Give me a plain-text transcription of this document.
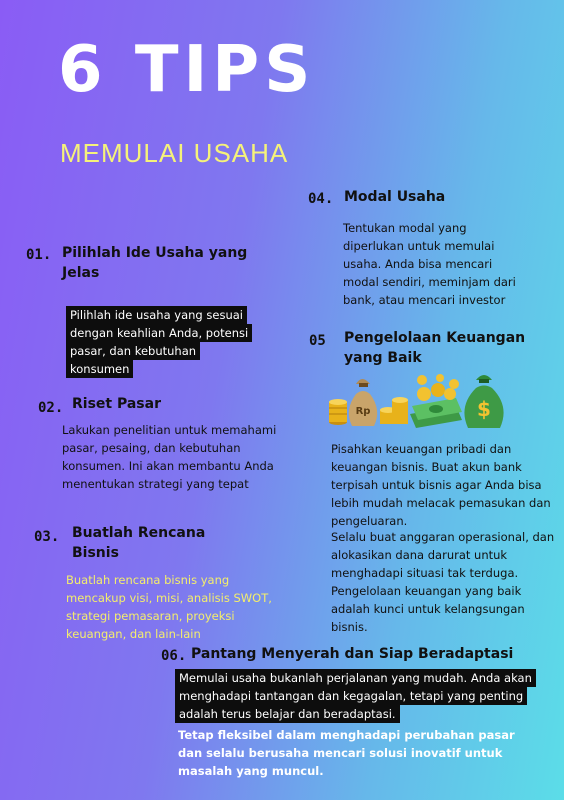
6 TIPS
MEMULAI USAHA
01. Pilihlah Ide Usaha yang Jelas
Pilihlah ide usaha yang sesuai dengan keahlian Anda, potensi pasar, dan kebutuhan konsumen
02. Riset Pasar
Lakukan penelitian untuk memahami pasar, pesaing, dan kebutuhan konsumen. Ini akan membantu Anda menentukan strategi yang tepat
03. Buatlah Rencana Bisnis
Buatlah rencana bisnis yang mencakup visi, misi, analisis SWOT, strategi pemasaran, proyeksi keuangan, dan lain-lain
04. Modal Usaha
Tentukan modal yang diperlukan untuk memulai usaha. Anda bisa mencari modal sendiri, meminjam dari bank, atau mencari investor
05 Pengelolaan Keuangan yang Baik
Rp	$
Pisahkan keuangan pribadi dan keuangan bisnis. Buat akun bank terpisah untuk bisnis agar Anda bisa lebih mudah melacak pemasukan dan pengeluaran.
Selalu buat anggaran operasional, dan alokasikan dana darurat untuk menghadapi situasi tak terduga. Pengelolaan keuangan yang baik adalah kunci untuk kelangsungan bisnis.
06. Pantang Menyerah dan Siap Beradaptasi
Memulai usaha bukanlah perjalanan yang mudah. Anda akan menghadapi tantangan dan kegagalan, tetapi yang penting adalah terus belajar dan beradaptasi.
Tetap fleksibel dalam menghadapi perubahan pasar dan selalu berusaha mencari solusi inovatif untuk masalah yang muncul.
